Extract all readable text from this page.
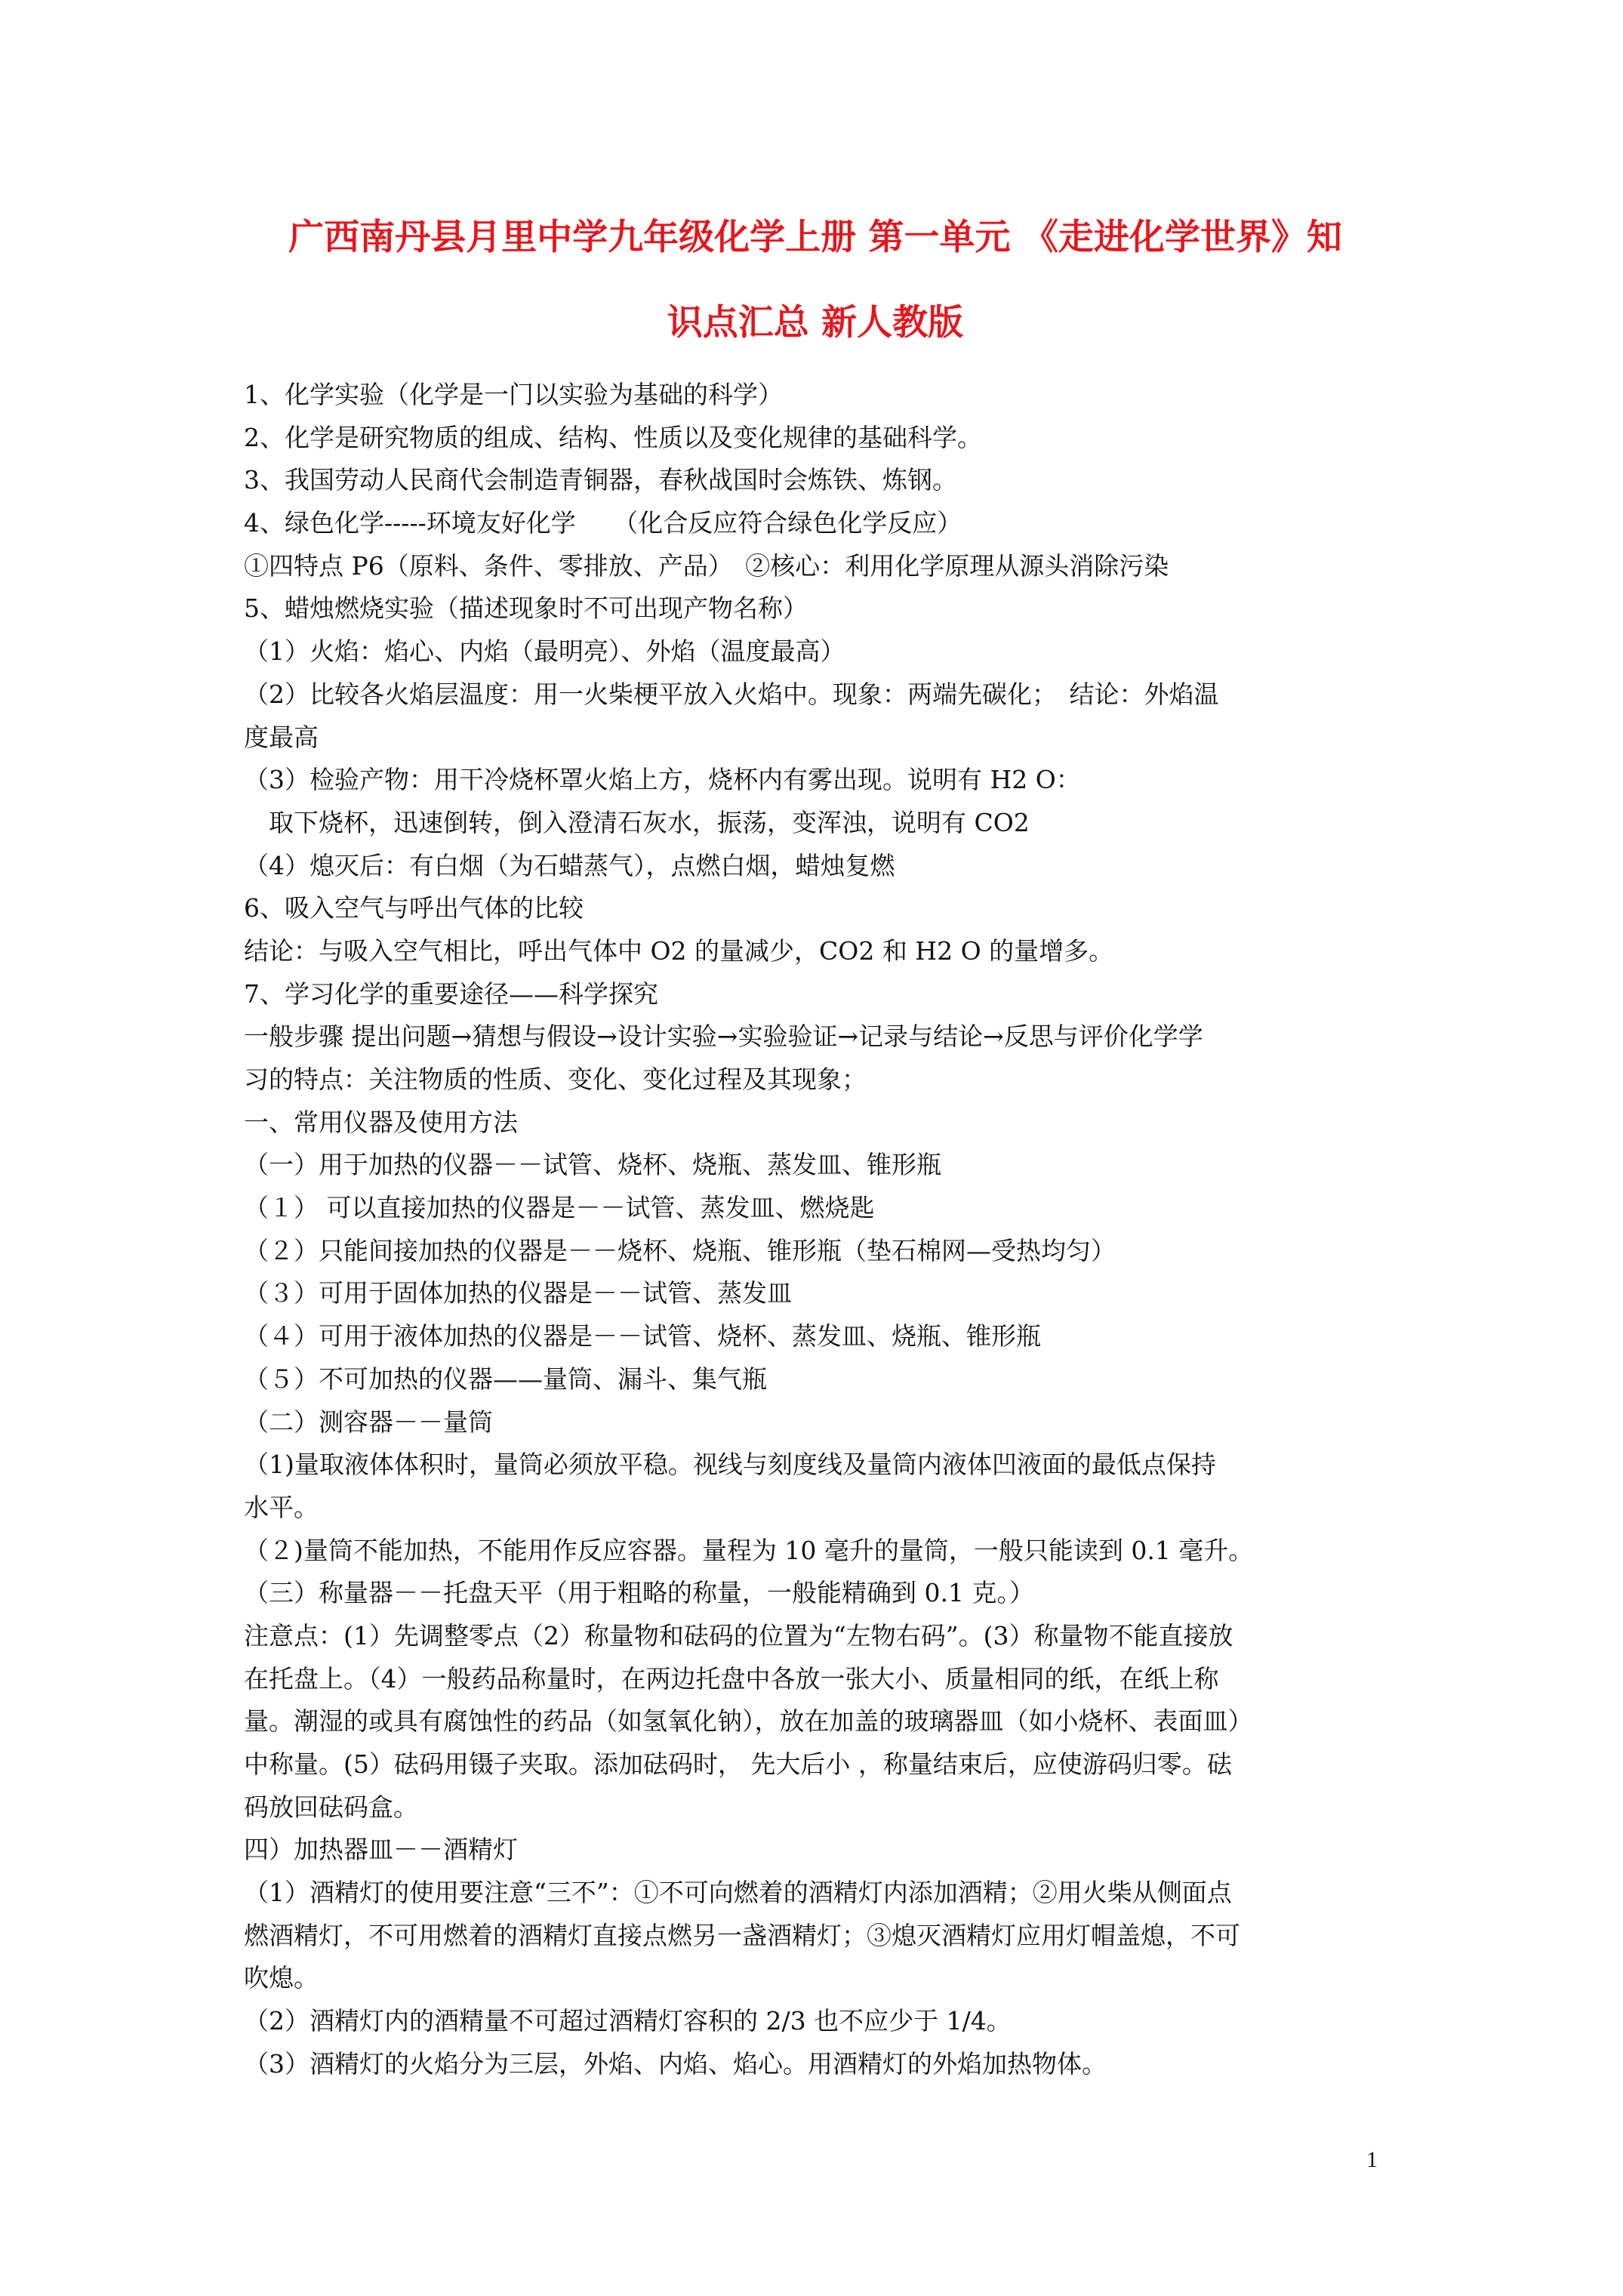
广西南丹县月里中学九年级化学上册 第一单元 《走进化学世界》知
识点汇总 新人教版
1、化学实验（化学是一门以实验为基础的科学）
2、化学是研究物质的组成、结构、性质以及变化规律的基础科学。
3、我国劳动人民商代会制造青铜器，春秋战国时会炼铁、炼钢。
4、绿色化学-----环境友好化学　　（化合反应符合绿色化学反应）
①四特点 P6（原料、条件、零排放、产品）　②核心：利用化学原理从源头消除污染
5、蜡烛燃烧实验（描述现象时不可出现产物名称）
（1）火焰：焰心、内焰（最明亮）、外焰（温度最高）
（2）比较各火焰层温度：用一火柴梗平放入火焰中。现象：两端先碳化；　结论：外焰温
度最高
（3）检验产物：用干冷烧杯罩火焰上方，烧杯内有雾出现。说明有 H2 O：
　取下烧杯，迅速倒转，倒入澄清石灰水，振荡，变浑浊，说明有 CO2
（4）熄灭后：有白烟（为石蜡蒸气），点燃白烟，蜡烛复燃
6、吸入空气与呼出气体的比较
结论：与吸入空气相比，呼出气体中 O2 的量减少，CO2 和 H2 O 的量增多。
7、学习化学的重要途径——科学探究
一般步骤 提出问题→猜想与假设→设计实验→实验验证→记录与结论→反思与评价化学学
习的特点：关注物质的性质、变化、变化过程及其现象；
一、常用仪器及使用方法
（一）用于加热的仪器－－试管、烧杯、烧瓶、蒸发皿、锥形瓶
（１） 可以直接加热的仪器是－－试管、蒸发皿、燃烧匙
（２）只能间接加热的仪器是－－烧杯、烧瓶、锥形瓶（垫石棉网—受热均匀）
（３）可用于固体加热的仪器是－－试管、蒸发皿
（４）可用于液体加热的仪器是－－试管、烧杯、蒸发皿、烧瓶、锥形瓶
（５）不可加热的仪器——量筒、漏斗、集气瓶
（二）测容器－－量筒
（1)量取液体体积时，量筒必须放平稳。视线与刻度线及量筒内液体凹液面的最低点保持
水平。
（２)量筒不能加热，不能用作反应容器。量程为 10 毫升的量筒，一般只能读到 0.1 毫升。
（三）称量器－－托盘天平（用于粗略的称量，一般能精确到 0.1 克。）
注意点：(1）先调整零点（2）称量物和砝码的位置为“左物右码”。(3）称量物不能直接放
在托盘上。（4）一般药品称量时，在两边托盘中各放一张大小、质量相同的纸，在纸上称
量。潮湿的或具有腐蚀性的药品（如氢氧化钠），放在加盖的玻璃器皿（如小烧杯、表面皿）
中称量。(5）砝码用镊子夹取。添加砝码时， 先大后小 ，称量结束后，应使游码归零。砝
码放回砝码盒。
四）加热器皿－－酒精灯
（1）酒精灯的使用要注意“三不”：①不可向燃着的酒精灯内添加酒精；②用火柴从侧面点
燃酒精灯，不可用燃着的酒精灯直接点燃另一盏酒精灯；③熄灭酒精灯应用灯帽盖熄，不可
吹熄。
（2）酒精灯内的酒精量不可超过酒精灯容积的 2/3 也不应少于 1/4。
（3）酒精灯的火焰分为三层，外焰、内焰、焰心。用酒精灯的外焰加热物体。
1
